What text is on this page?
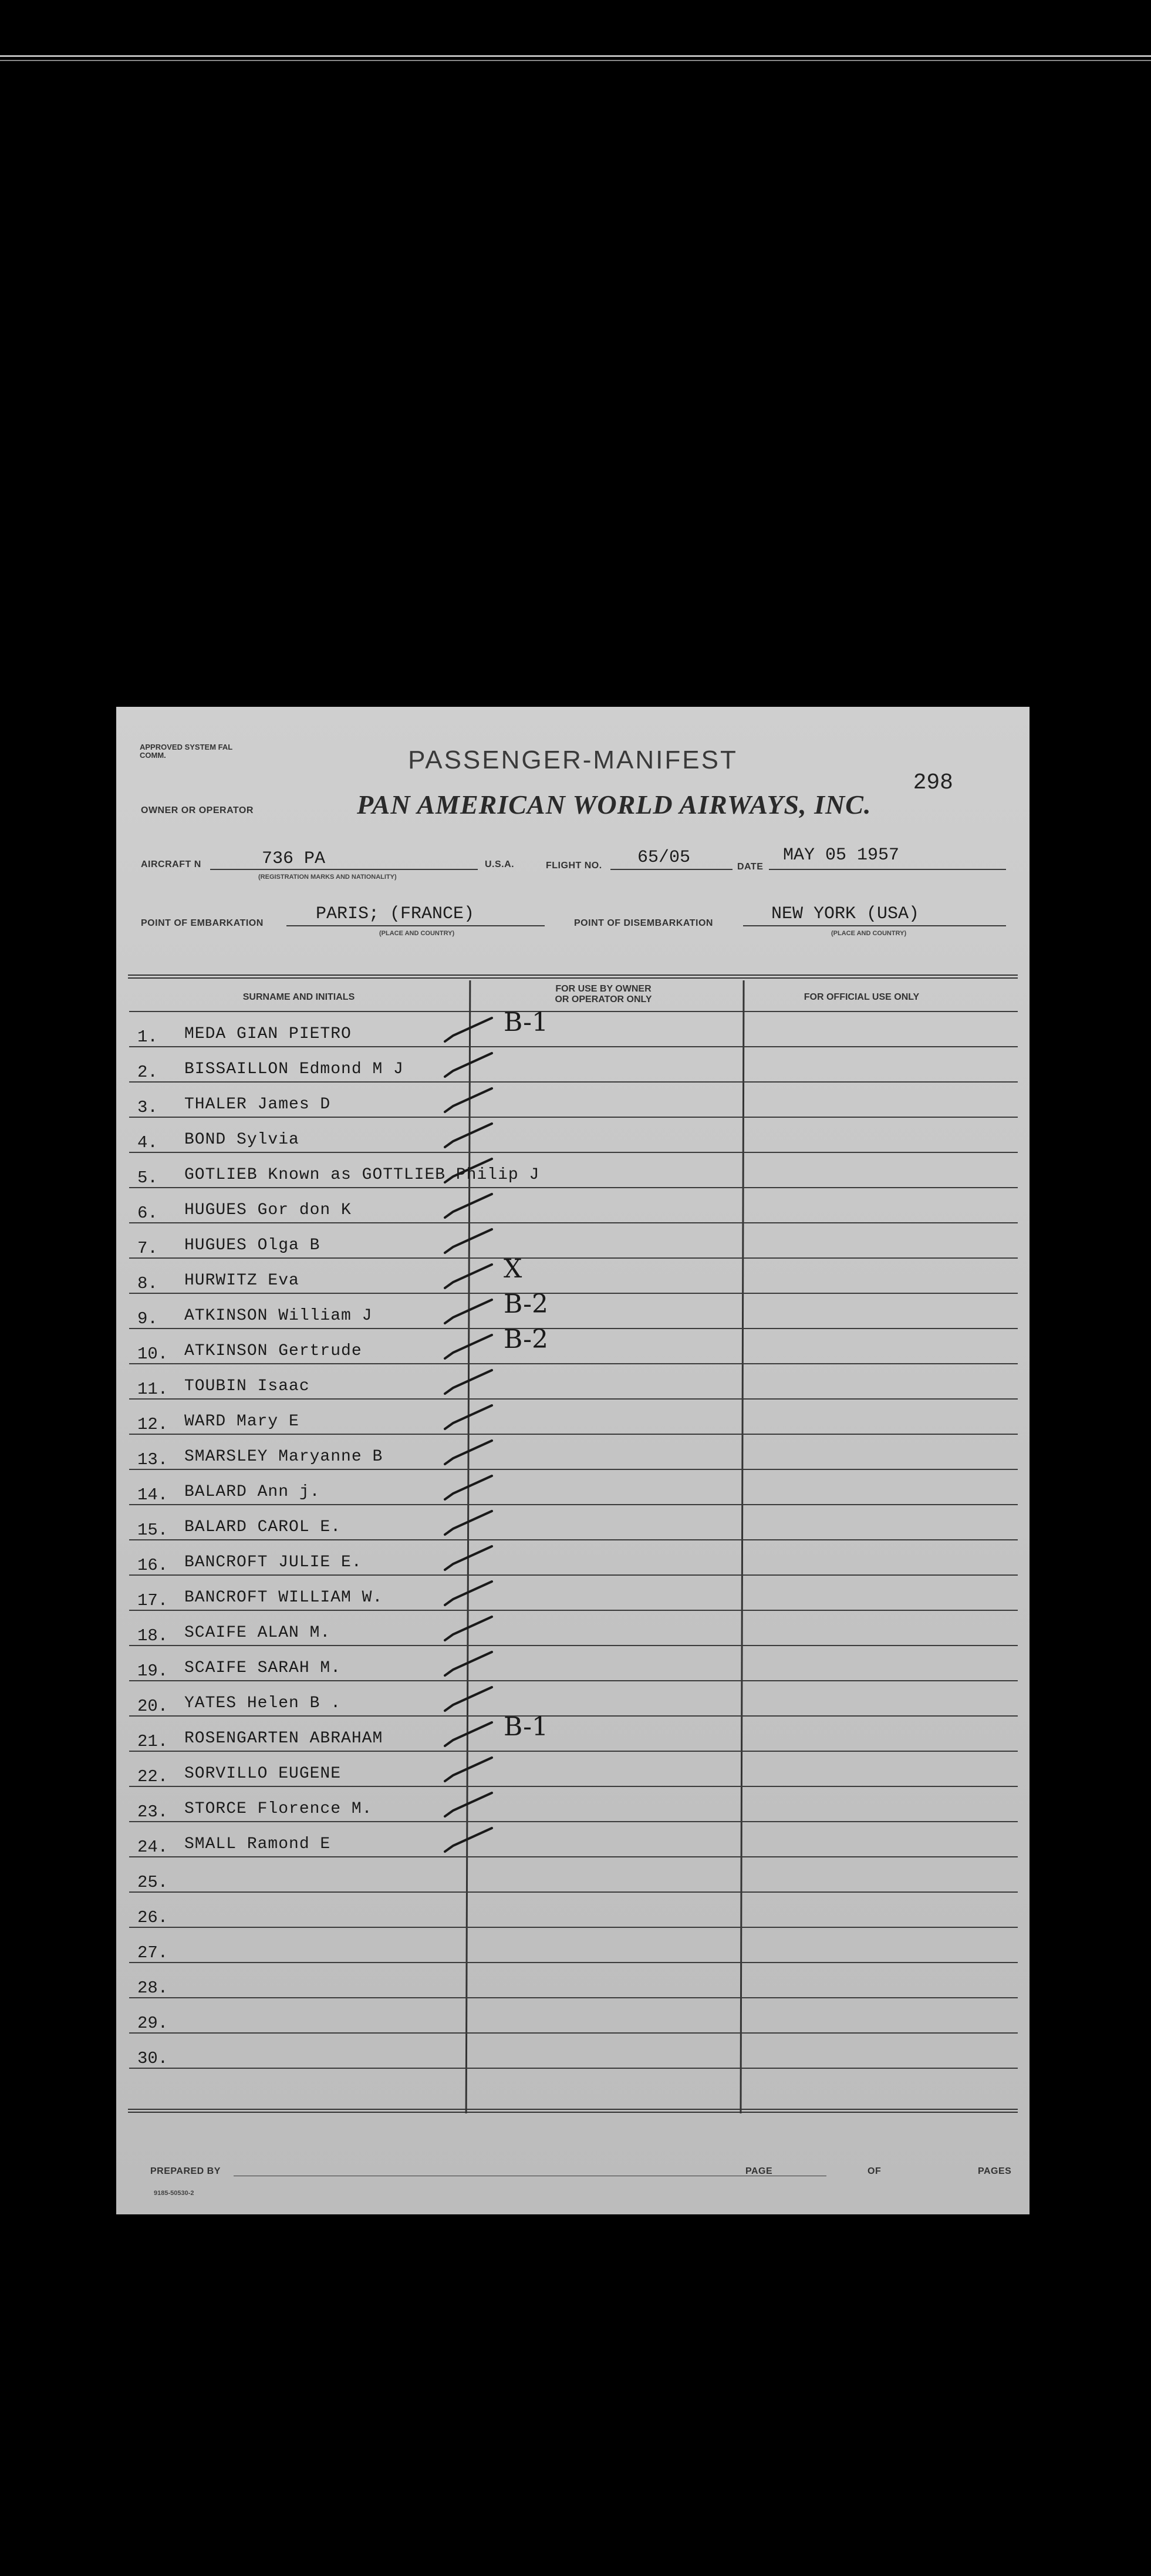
APPROVED SYSTEM FAL COMM.	PASSENGER-MANIFEST
298
OWNER OR OPERATOR	PAN AMERICAN WORLD AIRWAYS, INC.
AIRCRAFT N	736 PA
(REGISTRATION MARKS AND NATIONALITY)
U.S.A.	FLIGHT NO. 65/05	DATE
MAY 05 1957
POINT OF EMBARKATION	PARIS; (FRANCE)
(PLACE AND COUNTRY)
POINT OF DISEMBARKATION	NEW YORK (USA)
(PLACE AND COUNTRY)
SURNAME AND INITIALS
FOR USE BY OWNER OR OPERATOR ONLY	FOR OFFICIAL USE ONLY
1. MEDA GIAN PIETRO	B-1
2. BISSAILLON Edmond M J
3. THALER James D
4. BOND Sylvia
5. GOTLIEB Known as GOTTLIEB Philip J
6. HUGUES Gor don K
7. HUGUES Olga B
8. HURWITZ Eva	X
9. ATKINSON William J	B-2
10. ATKINSON Gertrude	B-2
11. TOUBIN Isaac
12. WARD Mary E
13. SMARSLEY Maryanne B
14. BALARD Ann j.
15. BALARD CAROL E.
16. BANCROFT JULIE E.
17. BANCROFT WILLIAM W.
18. SCAIFE ALAN M.
19. SCAIFE SARAH M.
20. YATES Helen B .
21. ROSENGARTEN ABRAHAM	B-1
22. SORVILLO EUGENE
23. STORCE Florence M.
24. SMALL Ramond E
25.
26.
27.
28.
29.
30.
PREPARED BY
9185-50530-2
PAGE	OF	PAGES
